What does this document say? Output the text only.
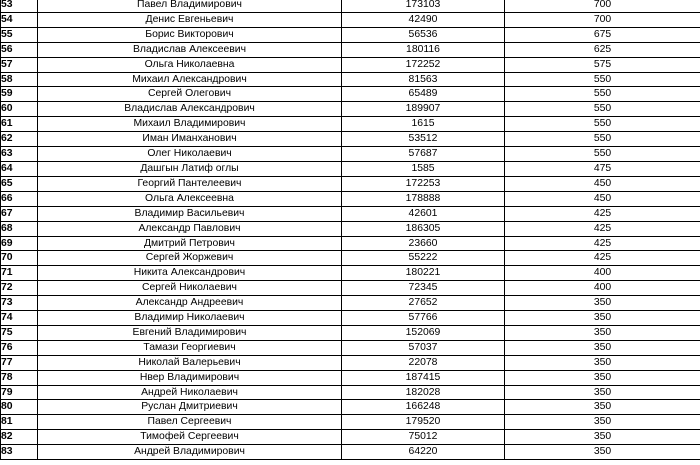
53	Павел Владимирович	173103	700
54	Денис Евгеньевич	42490	700
55	Борис Викторович	56536	675
56	Владислав Алексеевич	180116	625
57	Ольга Николаевна	172252	575
58	Михаил Александрович	81563	550
59	Сергей Олегович	65489	550
60	Владислав Александрович	189907	550
61	Михаил Владимирович	1615	550
62	Иман Иманханович	53512	550
63	Олег Николаевич	57687	550
64	Дашгын Латиф оглы	1585	475
65	Георгий Пантелеевич	172253	450
66	Ольга Алексеевна	178888	450
67	Владимир Васильевич	42601	425
68	Александр Павлович	186305	425
69	Дмитрий Петрович	23660	425
70	Сергей Жоржевич	55222	425
71	Никита Александрович	180221	400
72	Сергей Николаевич	72345	400
73	Александр Андреевич	27652	350
74	Владимир Николаевич	57766	350
75	Евгений Владимирович	152069	350
76	Тамази Георгиевич	57037	350
77	Николай Валерьевич	22078	350
78	Нвер Владимирович	187415	350
79	Андрей Николаевич	182028	350
80	Руслан Дмитриевич	166248	350
81	Павел Сергеевич	179520	350
82	Тимофей Сергеевич	75012	350
83	Андрей Владимирович	64220	350
